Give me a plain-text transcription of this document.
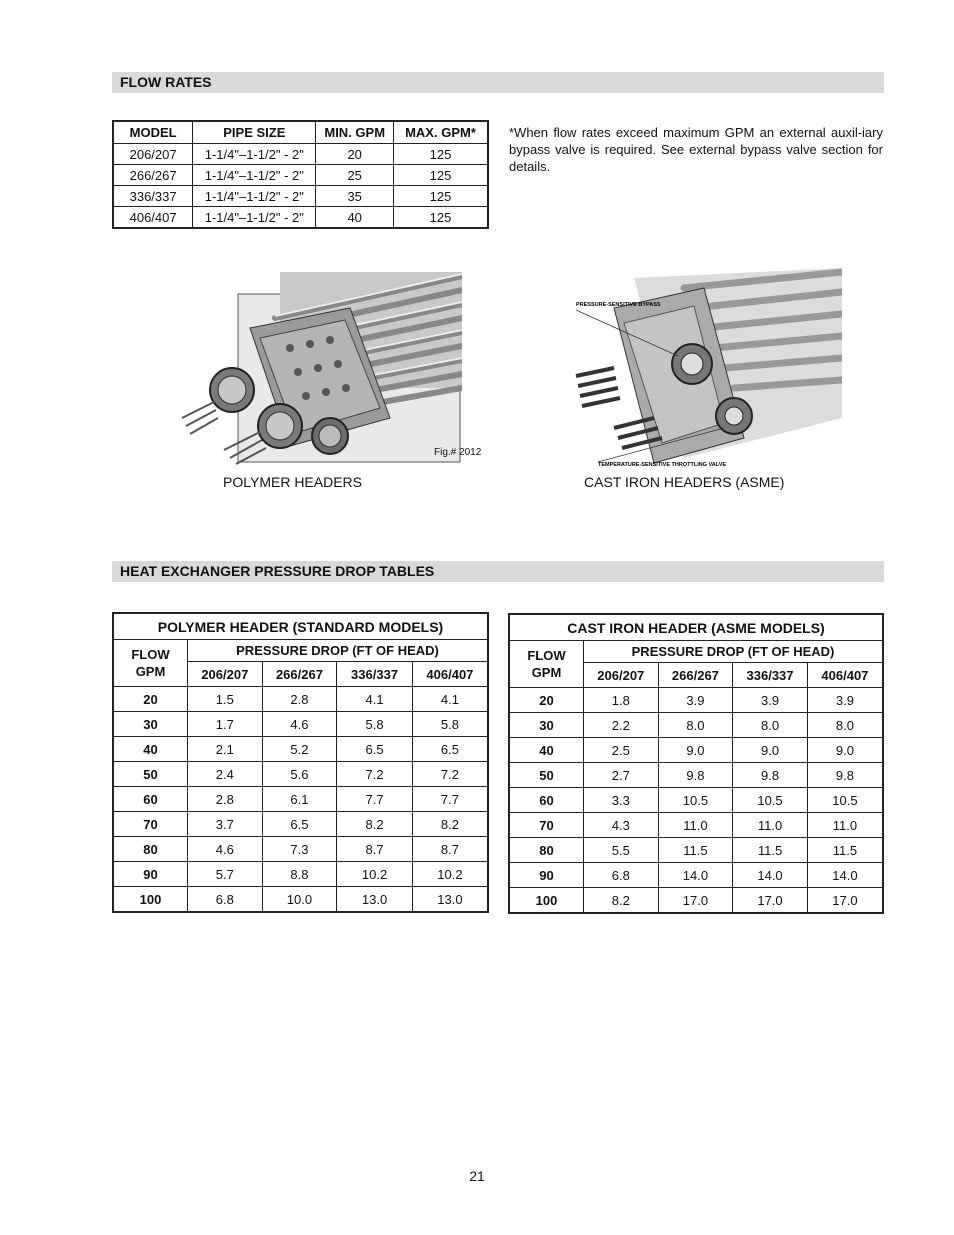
FLOW RATES
MODEL	PIPE SIZE	MIN. GPM	MAX. GPM*
206/207	1-1/4"–1-1/2" - 2"	20	125
266/267	1-1/4"–1-1/2" - 2"	25	125
336/337	1-1/4"–1-1/2" - 2"	35	125
406/407	1-1/4"–1-1/2" - 2"	40	125
*When flow rates exceed maximum GPM an external auxil-iary bypass valve is required. See external bypass valve section for details.
Fig.# 2012
POLYMER HEADERS
PRESSURE-SENSITIVE BYPASS
TEMPERATURE-SENSITIVE THROTTLING VALVE
CAST IRON HEADERS (ASME)
HEAT EXCHANGER PRESSURE DROP TABLES
POLYMER HEADER (STANDARD MODELS)				
FLOW
GPM	PRESSURE DROP (FT OF HEAD)			
	206/207	266/267	336/337	406/407
20	1.5	2.8	4.1	4.1
30	1.7	4.6	5.8	5.8
40	2.1	5.2	6.5	6.5
50	2.4	5.6	7.2	7.2
60	2.8	6.1	7.7	7.7
70	3.7	6.5	8.2	8.2
80	4.6	7.3	8.7	8.7
90	5.7	8.8	10.2	10.2
100	6.8	10.0	13.0	13.0
CAST IRON HEADER (ASME MODELS)				
FLOW
GPM	PRESSURE DROP (FT OF HEAD)			
	206/207	266/267	336/337	406/407
20	1.8	3.9	3.9	3.9
30	2.2	8.0	8.0	8.0
40	2.5	9.0	9.0	9.0
50	2.7	9.8	9.8	9.8
60	3.3	10.5	10.5	10.5
70	4.3	11.0	11.0	11.0
80	5.5	11.5	11.5	11.5
90	6.8	14.0	14.0	14.0
100	8.2	17.0	17.0	17.0
21
